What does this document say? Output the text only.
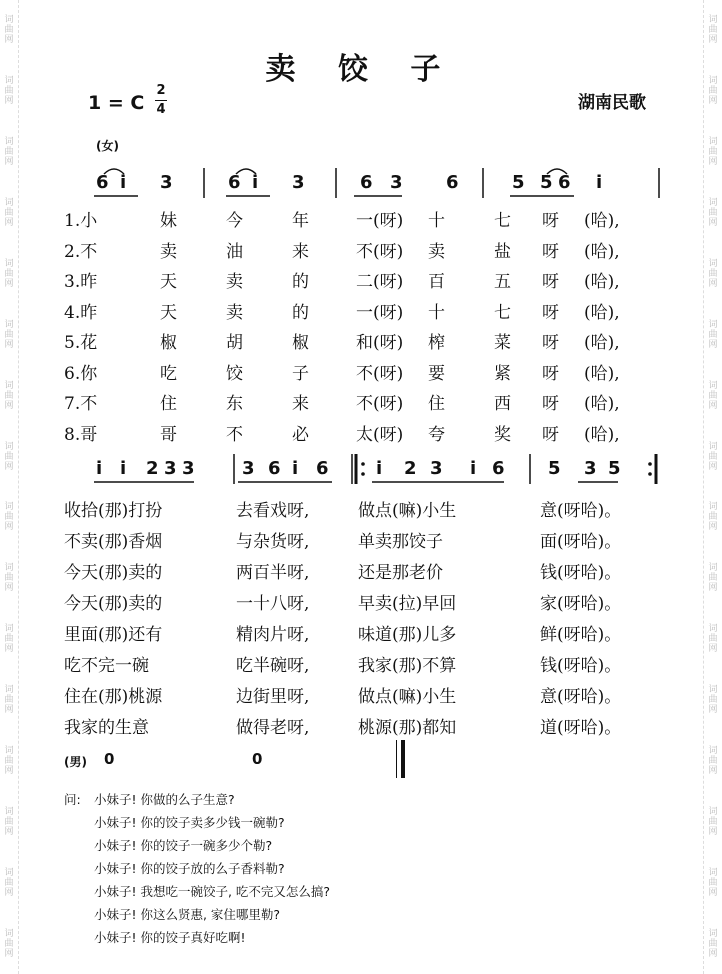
词
曲
网
词
曲
网
词
曲
网
词
曲
网
词
曲
网
词
曲
网
词
曲
网
词
曲
网
词
曲
网
词
曲
网
词
曲
网
词
曲
网
词
曲
网
词
曲
网
词
曲
网
词
曲
网
词
曲
网
词
曲
网
词
曲
网
词
曲
网
词
曲
网
词
曲
网
词
曲
网
词
曲
网
词
曲
网
词
曲
网
词
曲
网
词
曲
网
词
曲
网
词
曲
网
词
曲
网
词
曲
网
卖 饺 子
1 = C
2
4	湖南民歌
(女)
6 i 3	6 i 3	6 3 6	5 5 6 i
1.小	妹	今	年	一(呀) 十	七 呀 (哈),
2.不	卖	油	来	不(呀) 卖	盐 呀 (哈),
3.昨	天	卖	的	二(呀) 百	五 呀 (哈),
4.昨	天	卖	的	一(呀) 十	七 呀 (哈),
5.花	椒	胡	椒	和(呀) 榨	菜 呀 (哈),
6.你	吃	饺	子	不(呀) 要	紧 呀 (哈),
7.不	住	东	来	不(呀) 住	西 呀 (哈),
8.哥	哥	不	必	太(呀) 夸	奖 呀 (哈),
i i 2 3 3	3 6 i 6	i 2 3 i 6 5 3 5
收拾(那)打扮	去看戏呀,	做点(嘛)小生	意(呀哈)。
不卖(那)香烟	与杂货呀,	单卖那饺子	面(呀哈)。
今天(那)卖的	两百半呀,	还是那老价	钱(呀哈)。
今天(那)卖的	一十八呀,	早卖(拉)早回	家(呀哈)。
里面(那)还有	精肉片呀,	味道(那)儿多	鲜(呀哈)。
吃不完一碗	吃半碗呀,	我家(那)不算	钱(呀哈)。
住在(那)桃源	边街里呀,	做点(嘛)小生	意(呀哈)。
我家的生意	做得老呀,	桃源(那)都知	道(呀哈)。
(男) 0	0
问: 小妹子! 你做的么子生意?
小妹子! 你的饺子卖多少钱一碗勒?
小妹子! 你的饺子一碗多少个勒?
小妹子! 你的饺子放的么子香料勒?
小妹子! 我想吃一碗饺子, 吃不完又怎么搞?
小妹子! 你这么贤惠, 家住哪里勒?
小妹子! 你的饺子真好吃啊!
